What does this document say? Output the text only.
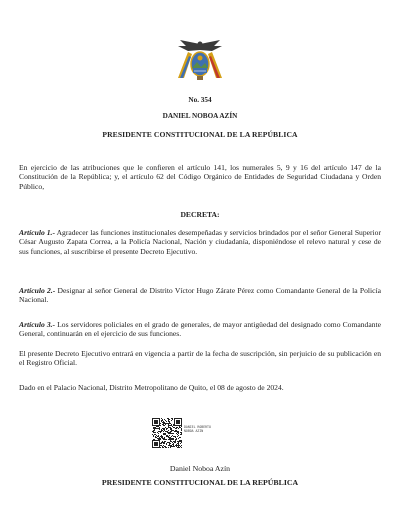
No. 354
DANIEL NOBOA AZÍN
PRESIDENTE CONSTITUCIONAL DE LA REPÚBLICA
En ejercicio de las atribuciones que le confieren el artículo 141, los numerales 5, 9 y 16 del artículo 147 de la Constitución de la República; y, el artículo 62 del Código Orgánico de Entidades de Seguridad Ciudadana y Orden Público,
DECRETA:
Artículo 1.- Agradecer las funciones institucionales desempeñadas y servicios brindados por el señor General Superior César Augusto Zapata Correa, a la Policía Nacional, Nación y ciudadanía, disponiéndose el relevo natural y cese de sus funciones, al suscribirse el presente Decreto Ejecutivo.
Artículo 2.- Designar al señor General de Distrito Víctor Hugo Zárate Pérez como Comandante General de la Policía Nacional.
Artículo 3.- Los servidores policiales en el grado de generales, de mayor antigüedad del designado como Comandante General, continuarán en el ejercicio de sus funciones.
El presente Decreto Ejecutivo entrará en vigencia a partir de la fecha de suscripción, sin perjuicio de su publicación en el Registro Oficial.
Dado en el Palacio Nacional, Distrito Metropolitano de Quito, el 08 de agosto de 2024.
DANIEL ROBERTO
NOBOA AZIN
Daniel Noboa Azín
PRESIDENTE CONSTITUCIONAL DE LA REPÚBLICA
